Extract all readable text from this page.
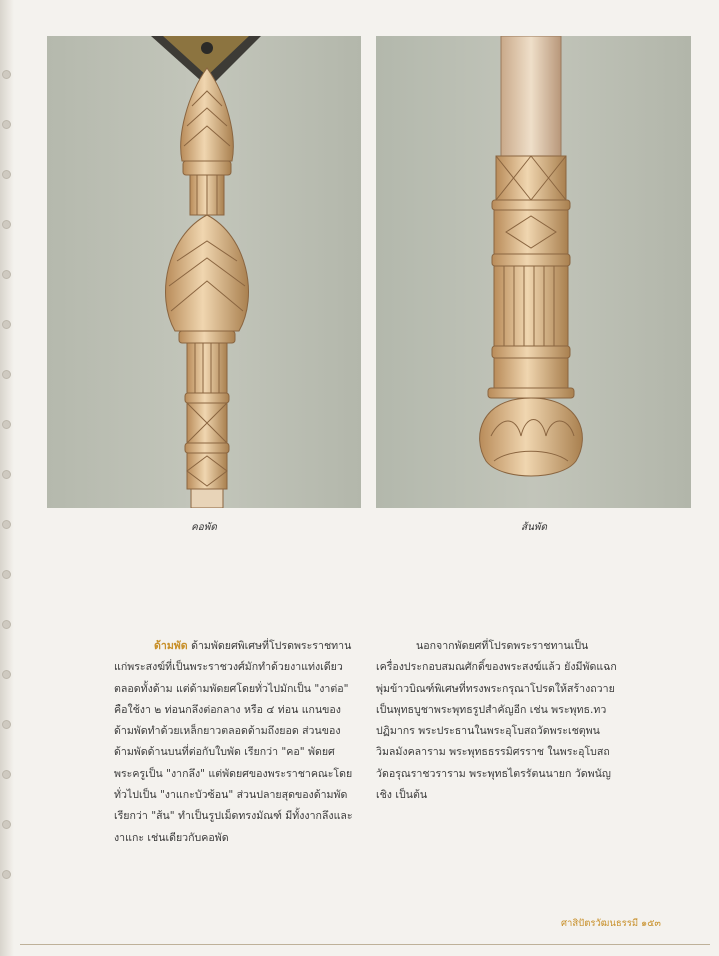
คอพัด	ส้นพัด
ด้ามพัด ด้ามพัดยศพิเศษที่โปรดพระราชทาน
แก่พระสงฆ์ที่เป็นพระราชวงศ์มักทำด้วยงาแท่งเดียว
ตลอดทั้งด้าม แต่ด้ามพัดยศโดยทั่วไปมักเป็น "งาต่อ"
คือใช้งา ๒ ท่อนกลึงต่อกลาง หรือ ๔ ท่อน แกนของ
ด้ามพัดทำด้วยเหล็กยาวตลอดด้ามถึงยอด ส่วนของ
ด้ามพัดด้านบนที่ต่อกับใบพัด เรียกว่า "คอ" พัดยศ
พระครูเป็น "งากลึง" แต่พัดยศของพระราชาคณะโดย
ทั่วไปเป็น "งาแกะบัวซ้อน" ส่วนปลายสุดของด้ามพัด
เรียกว่า "ส้น" ทำเป็นรูปเม็ดทรงมัณฑ์ มีทั้งงากลึงและ
งาแกะ เช่นเดียวกับคอพัด
นอกจากพัดยศที่โปรดพระราชทานเป็น
เครื่องประกอบสมณศักดิ์ของพระสงฆ์แล้ว ยังมีพัดแฉก
พุ่มข้าวบิณฑ์พิเศษที่ทรงพระกรุณาโปรดให้สร้างถวาย
เป็นพุทธบูชาพระพุทธรูปสำคัญอีก เช่น พระพุทธ.ทว
ปฏิมากร พระประธานในพระอุโบสถวัดพระเชตุพน
วิมลมังคลาราม พระพุทธธรรมิศรราช ในพระอุโบสถ
วัดอรุณราชวราราม พระพุทธไตรรัตนนายก วัดพนัญ
เชิง เป็นต้น
ศาสิปัตรวัฒนธรรมี ๑๕๓
